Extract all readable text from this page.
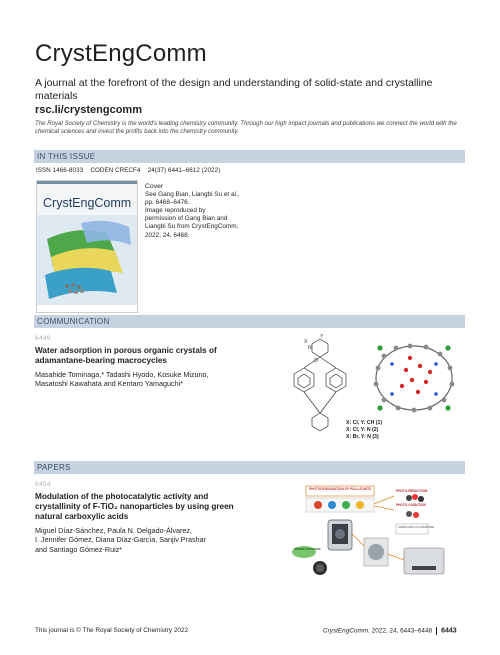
CrystEngComm
A journal at the forefront of the design and understanding of solid-state and crystalline materials
rsc.li/crystengcomm
The Royal Society of Chemistry is the world's leading chemistry community. Through our high impact journals and publications we connect the world with the chemical sciences and invest the profits back into the chemistry community.
IN THIS ISSUE
ISSN 1466-8033 CODEN CRECF4 24(37) 6441–6612 (2022)
CrystEngComm
Cover
See Gang Bian, Liangbi Su et al.,
pp. 6468–6476.
Image reproduced by
permission of Gang Bian and
Liangbi Su from CrystEngComm,
2022, 24, 6468.
COMMUNICATION
6449
Water adsorption in porous organic crystals of
adamantane-bearing macrocycles
Masahide Tominaga,* Tadashi Hyodo, Kosuke Mizuno,
Masatoshi Kawahata and Kentaro Yamaguchi*
X
Y
N
O
X: Cl, Y: CH (1)
X: Cl, Y: N (2)
X: Br, Y: N (3)
PAPERS
6454
Modulation of the photocatalytic activity and
crystallinity of F-TiO₂ nanoparticles by using green
natural carboxylic acids
Miguel Díaz-Sánchez, Paula N. Delgado-Álvarez,
I. Jennifer Gómez, Diana Díaz-García, Sanjiv Prashar
and Santiago Gómez-Ruiz*
PHOTODEGRADATION OF POLLUTANTS	PHOTO-REDUCTION
PHOTO-OXIDATION
CATALYSIS C-C COUPLING
GREEN SYNTHESIS
This journal is © The Royal Society of Chemistry 2022	CrystEngComm, 2022, 24, 6443–6448 6443
